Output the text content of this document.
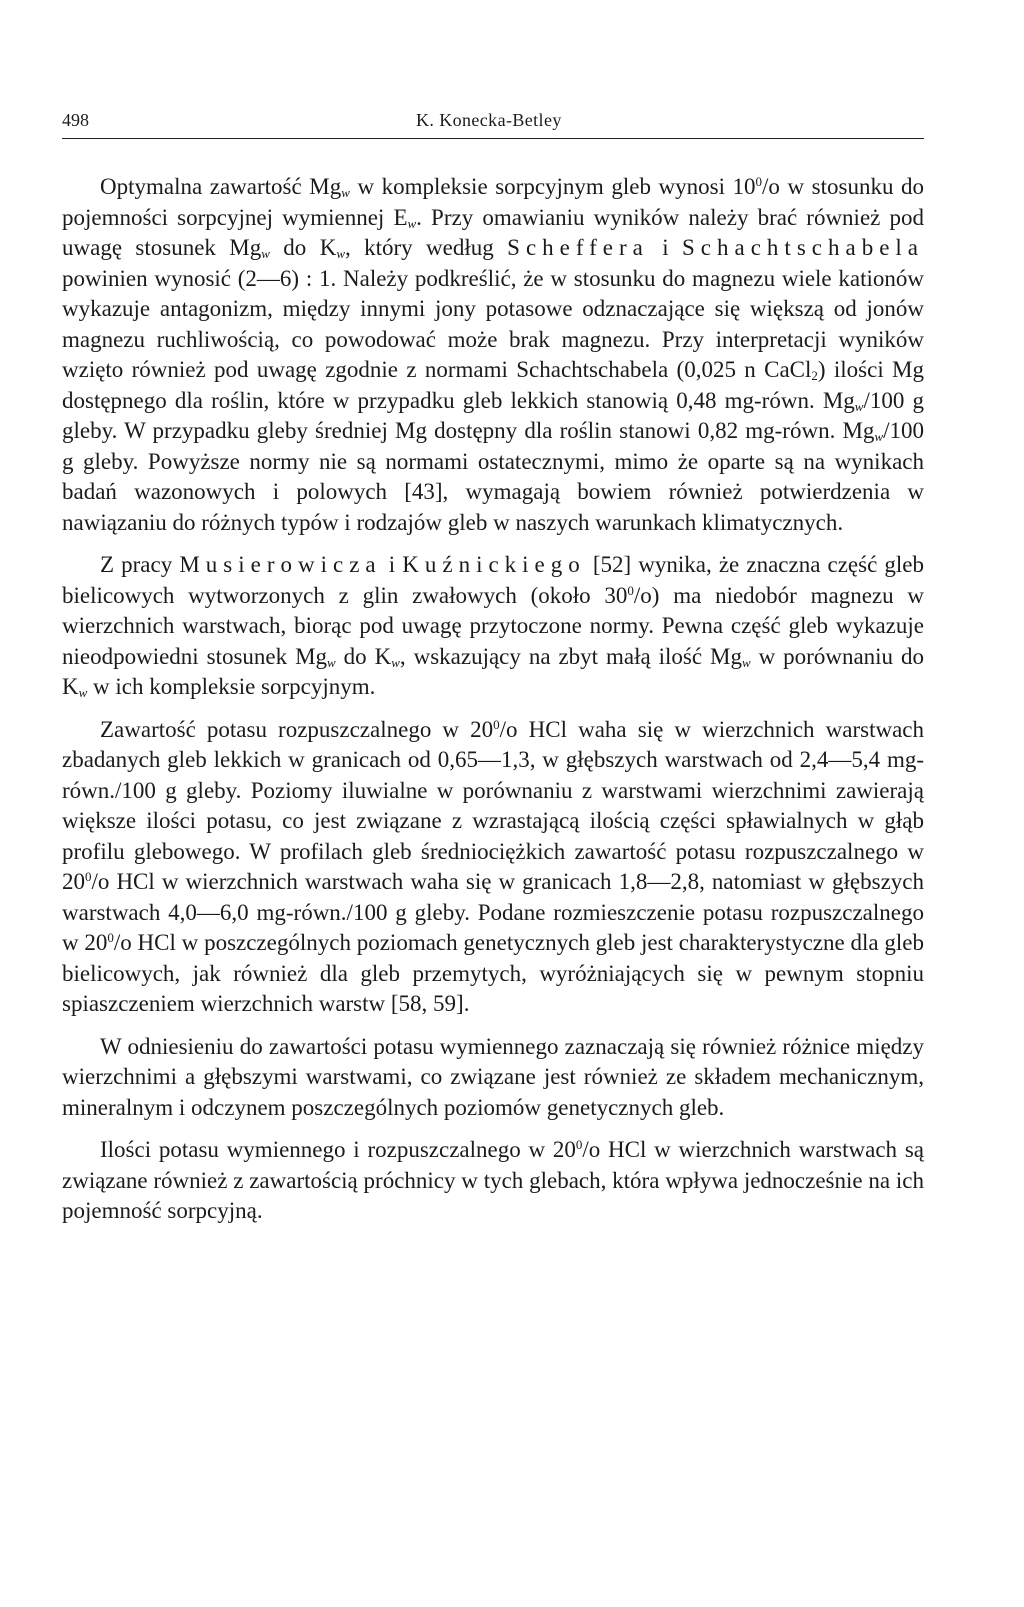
498	K. Konecka-Betley

Optymalna zawartość $Mg_w$ w kompleksie sorpcyjnym gleb wynosi $10^0/o$ w stosunku do pojemności sorpcyjnej wymiennej $E_w$. Przy omawianiu wyników należy brać również pod uwagę stosunek $Mg_w$ do $K_w$, który według Scheffera i Schachtschabela powinien wynosić (2—6) : 1. Należy podkreślić, że w stosunku do magnezu wiele kationów wykazuje antagonizm, między innymi jony potasowe odznaczające się większą od jonów magnezu ruchliwością, co powodować może brak magnezu. Przy interpretacji wyników wzięto również pod uwagę zgodnie z normami Schachtschabela (0,025 n CaCl$_2$) ilości Mg dostępnego dla roślin, które w przypadku gleb lekkich stanowią 0,48 mg-równ. $Mg_w/100$ g gleby. W przypadku gleby średniej Mg dostępny dla roślin stanowi 0,82 mg-równ. $Mg_w/100$ g gleby. Powyższe normy nie są normami ostatecznymi, mimo że oparte są na wynikach badań wazonowych i polowych [43], wymagają bowiem również potwierdzenia w nawiązaniu do różnych typów i rodzajów gleb w naszych warunkach klimatycznych.

Z pracy Musierowicza i Kuźnickiego [52] wynika, że znaczna część gleb bielicowych wytworzonych z glin zwałowych (około $30^0/o$) ma niedobór magnezu w wierzchnich warstwach, biorąc pod uwagę przytoczone normy. Pewna część gleb wykazuje nieodpowiedni stosunek $Mg_w$ do $K_w$, wskazujący na zbyt małą ilość $Mg_w$ w porównaniu do $K_w$ w ich kompleksie sorpcyjnym.

Zawartość potasu rozpuszczalnego w $20^0/o$ HCl waha się w wierzchnich warstwach zbadanych gleb lekkich w granicach od 0,65—1,3, w głębszych warstwach od 2,4—5,4 mg-równ./100 g gleby. Poziomy iluwialne w porównaniu z warstwami wierzchnimi zawierają większe ilości potasu, co jest związane z wzrastającą ilością części spławialnych w głąb profilu glebowego. W profilach gleb średniociężkich zawartość potasu rozpuszczalnego w $20^0/o$ HCl w wierzchnich warstwach waha się w granicach 1,8—2,8, natomiast w głębszych warstwach 4,0—6,0 mg-równ./100 g gleby. Podane rozmieszczenie potasu rozpuszczalnego w $20^0/o$ HCl w poszczególnych poziomach genetycznych gleb jest charakterystyczne dla gleb bielicowych, jak również dla gleb przemytych, wyróżniających się w pewnym stopniu spiaszczeniem wierzchnich warstw [58, 59].

W odniesieniu do zawartości potasu wymiennego zaznaczają się również różnice między wierzchnimi a głębszymi warstwami, co związane jest również ze składem mechanicznym, mineralnym i odczynem poszczególnych poziomów genetycznych gleb.

Ilości potasu wymiennego i rozpuszczalnego w $20^0/o$ HCl w wierzchnich warstwach są związane również z zawartością próchnicy w tych glebach, która wpływa jednocześnie na ich pojemność sorpcyjną.
